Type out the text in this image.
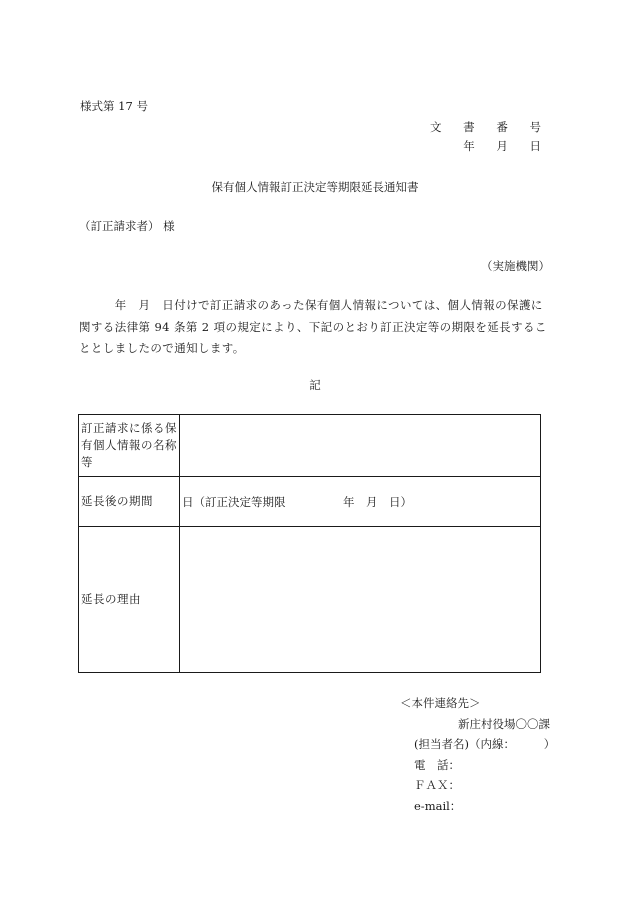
様式第 17 号
文 書 番 号
年 月 日
保有個人情報訂正決定等期限延長通知書
（訂正請求者） 様
（実施機関）
　　　年　月　日付けで訂正請求のあった保有個人情報については、個人情報の保護に関する法律第 94 条第 2 項の規定により、下記のとおり訂正決定等の期限を延長することとしましたので通知します。
記
訂正請求に係る保有個人情報の名称等	
延長後の期間	日（訂正決定等期限　　　　　年　月　日）
延長の理由	
＜本件連絡先＞
新庄村役場〇〇課
(担当者名)（内線：　　　）
電　話：
ＦＡＸ：
e-mail：
